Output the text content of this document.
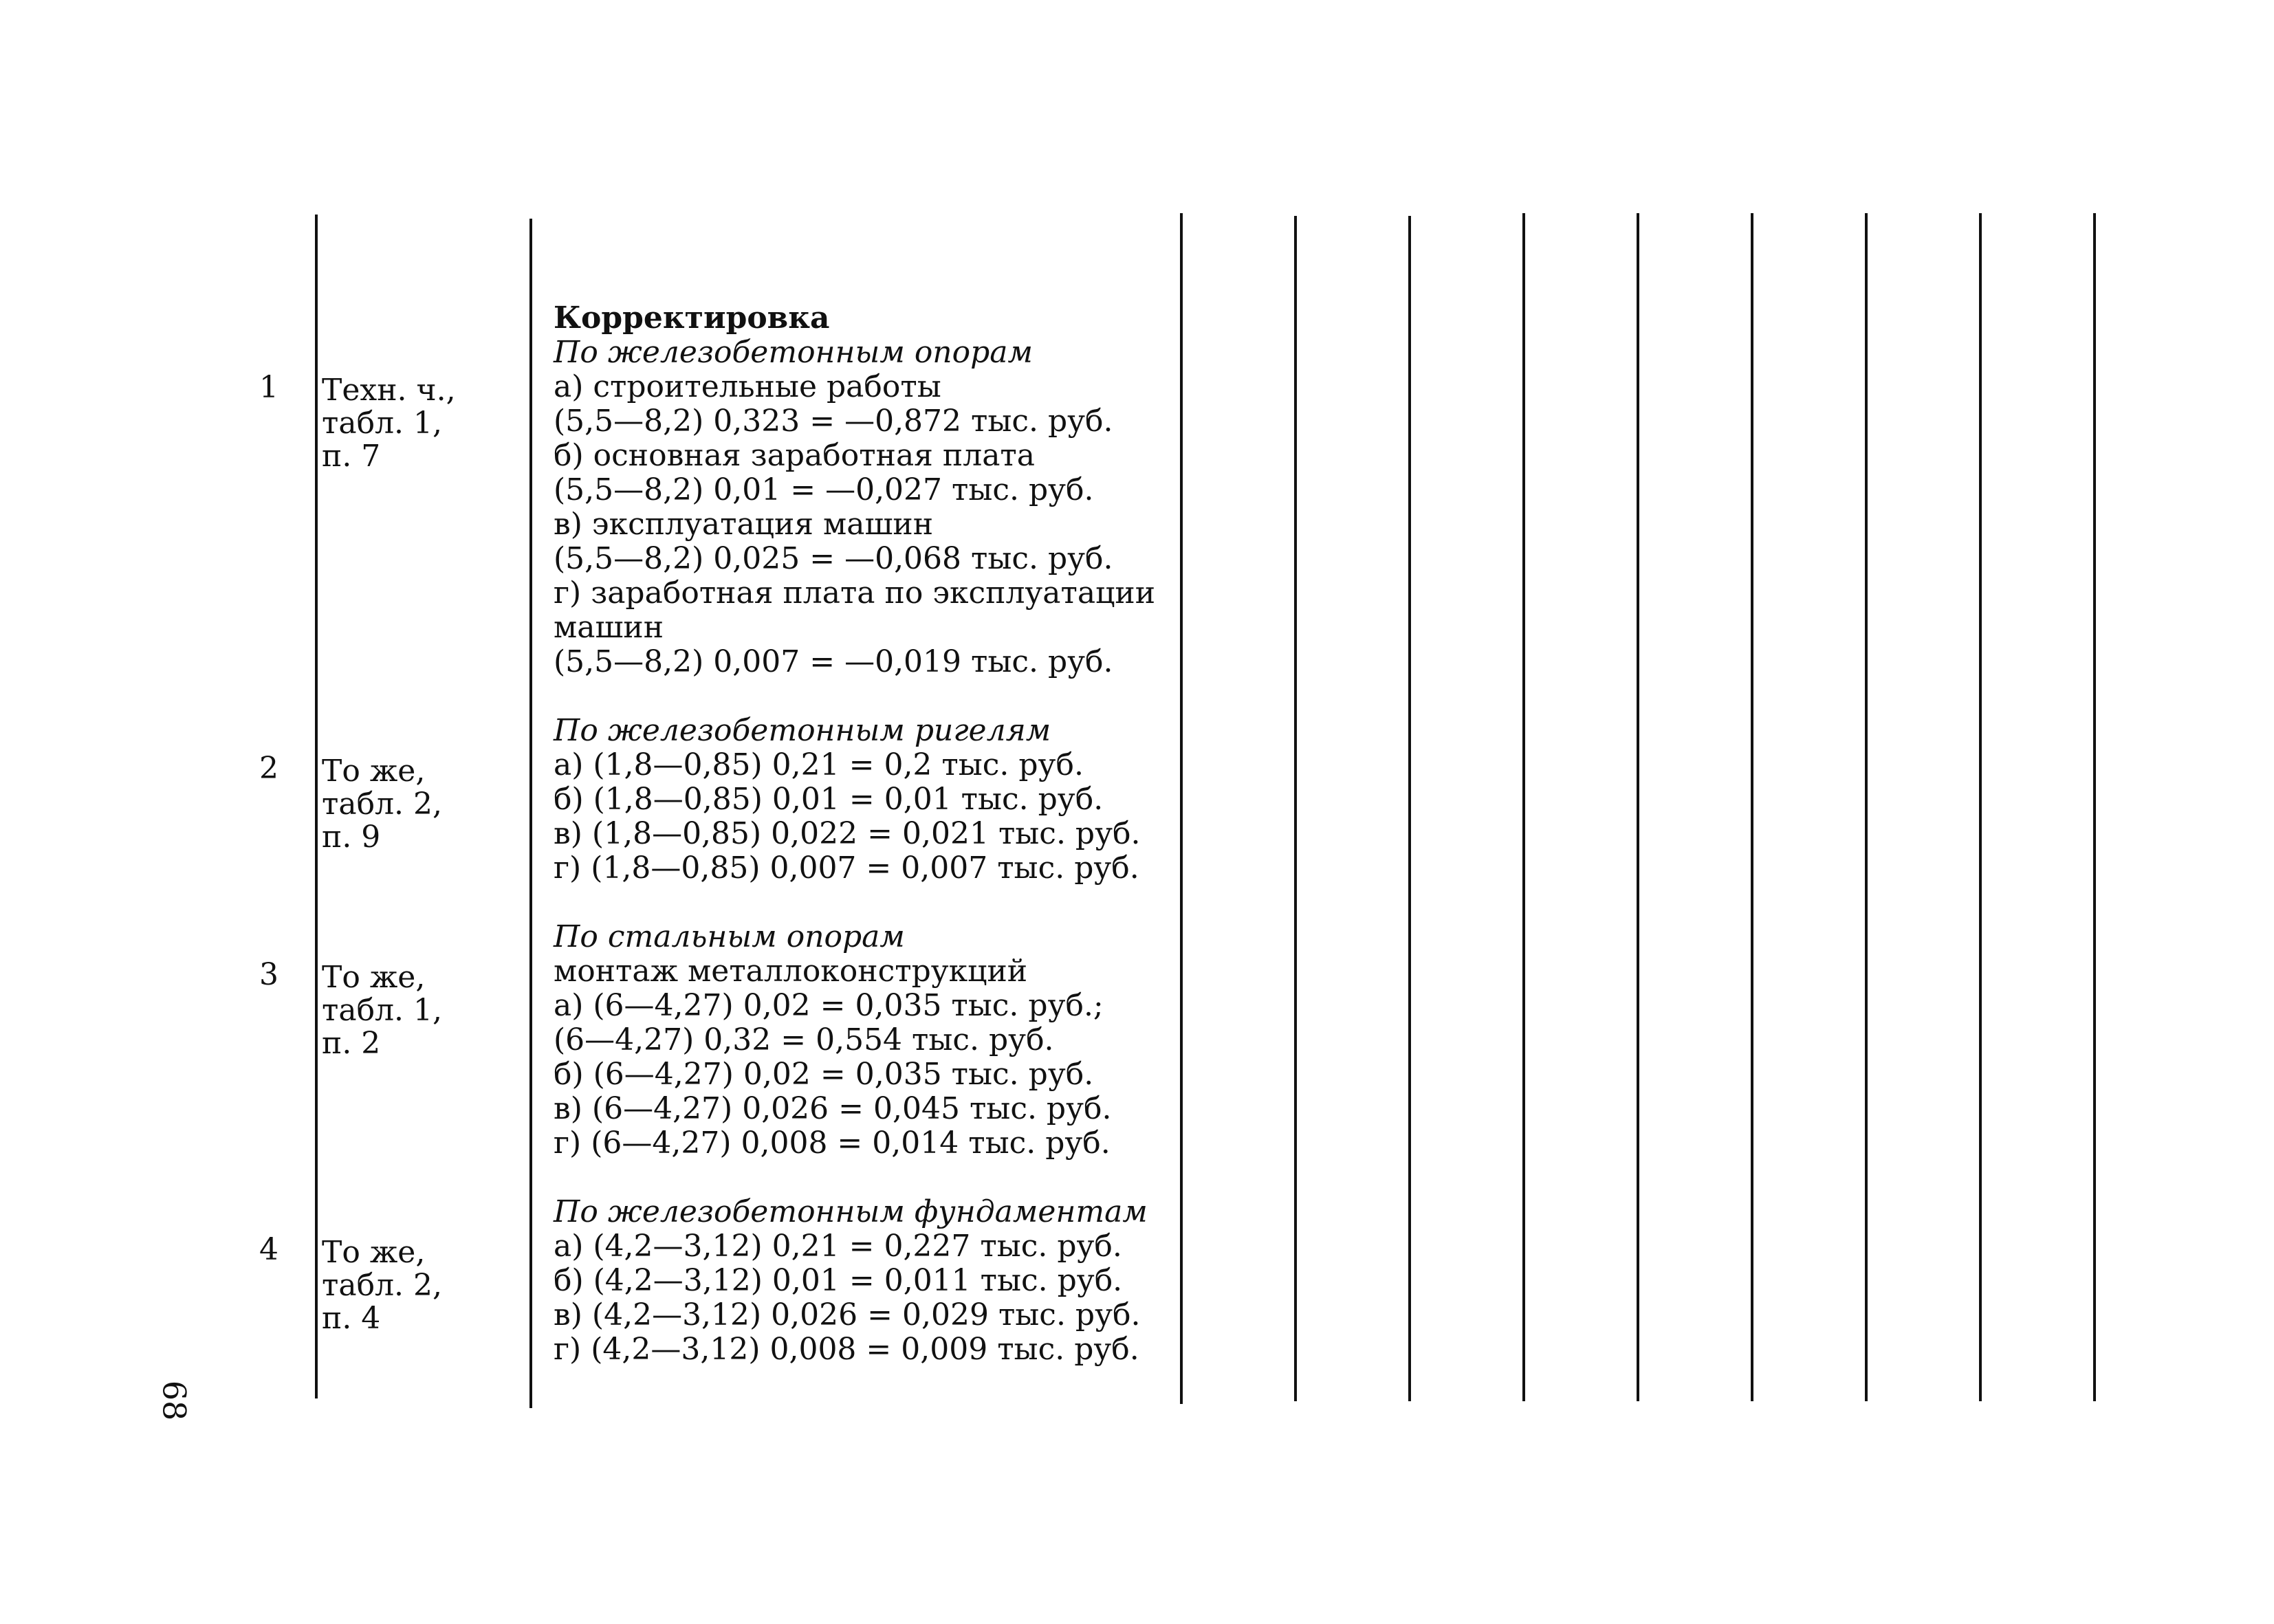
1
2
3
4
Техн. ч.,
табл. 1,
п. 7
То же,
табл. 2,
п. 9
То же,
табл. 1,
п. 2
То же,
табл. 2,
п. 4
Корректировка
По железобетонным опорам
а) строительные работы
(5,5—8,2) 0,323 = —0,872 тыс. руб.
б) основная заработная плата
(5,5—8,2) 0,01 = —0,027 тыс. руб.
в) эксплуатация машин
(5,5—8,2) 0,025 = —0,068 тыс. руб.
г) заработная плата по эксплуатации
машин
(5,5—8,2) 0,007 = —0,019 тыс. руб.
По железобетонным ригелям
а) (1,8—0,85) 0,21 = 0,2 тыс. руб.
б) (1,8—0,85) 0,01 = 0,01 тыс. руб.
в) (1,8—0,85) 0,022 = 0,021 тыс. руб.
г) (1,8—0,85) 0,007 = 0,007 тыс. руб.
По стальным опорам
монтаж металлоконструкций
а) (6—4,27) 0,02 = 0,035 тыс. руб.;
(6—4,27) 0,32 = 0,554 тыс. руб.
б) (6—4,27) 0,02 = 0,035 тыс. руб.
в) (6—4,27) 0,026 = 0,045 тыс. руб.
г) (6—4,27) 0,008 = 0,014 тыс. руб.
По железобетонным фундаментам
а) (4,2—3,12) 0,21 = 0,227 тыс. руб.
б) (4,2—3,12) 0,01 = 0,011 тыс. руб.
в) (4,2—3,12) 0,026 = 0,029 тыс. руб.
г) (4,2—3,12) 0,008 = 0,009 тыс. руб.
68
